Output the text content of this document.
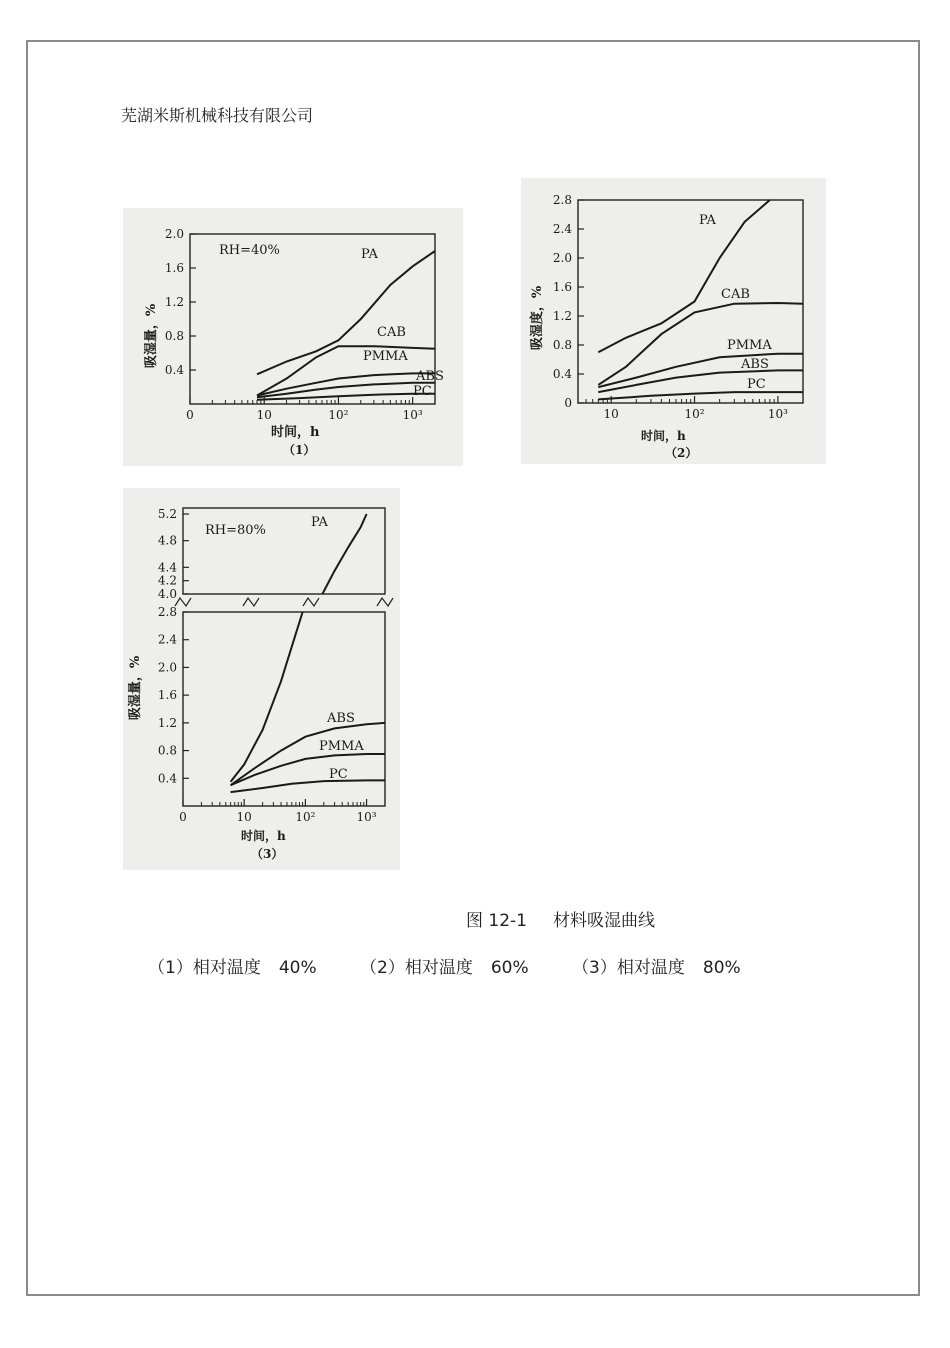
芜湖米斯机械科技有限公司
0.4
0.8
1.2
1.6
2.0
0	10	10²	10³
PA
CAB
PMMA
ABS
PC
RH=40%
时间，h
（1）
吸湿量，%
0
0.4
0.8
1.2
1.6
2.0
2.4
2.8
10	10²	10³
PA
CAB
PMMA
ABS
PC
时间，h
（2）
吸湿度，%
0.4
0.8
1.2
1.6
2.0
2.4
2.8
4.0
4.2
4.4
4.8
5.2
0	10	10²	10³
PA
ABS
PMMA
PC
RH=80%
时间，h
（3）
吸湿量，%
图 12-1 材料吸湿曲线
（1）相对温度 40%	（2）相对温度 60%	（3）相对温度 80%
